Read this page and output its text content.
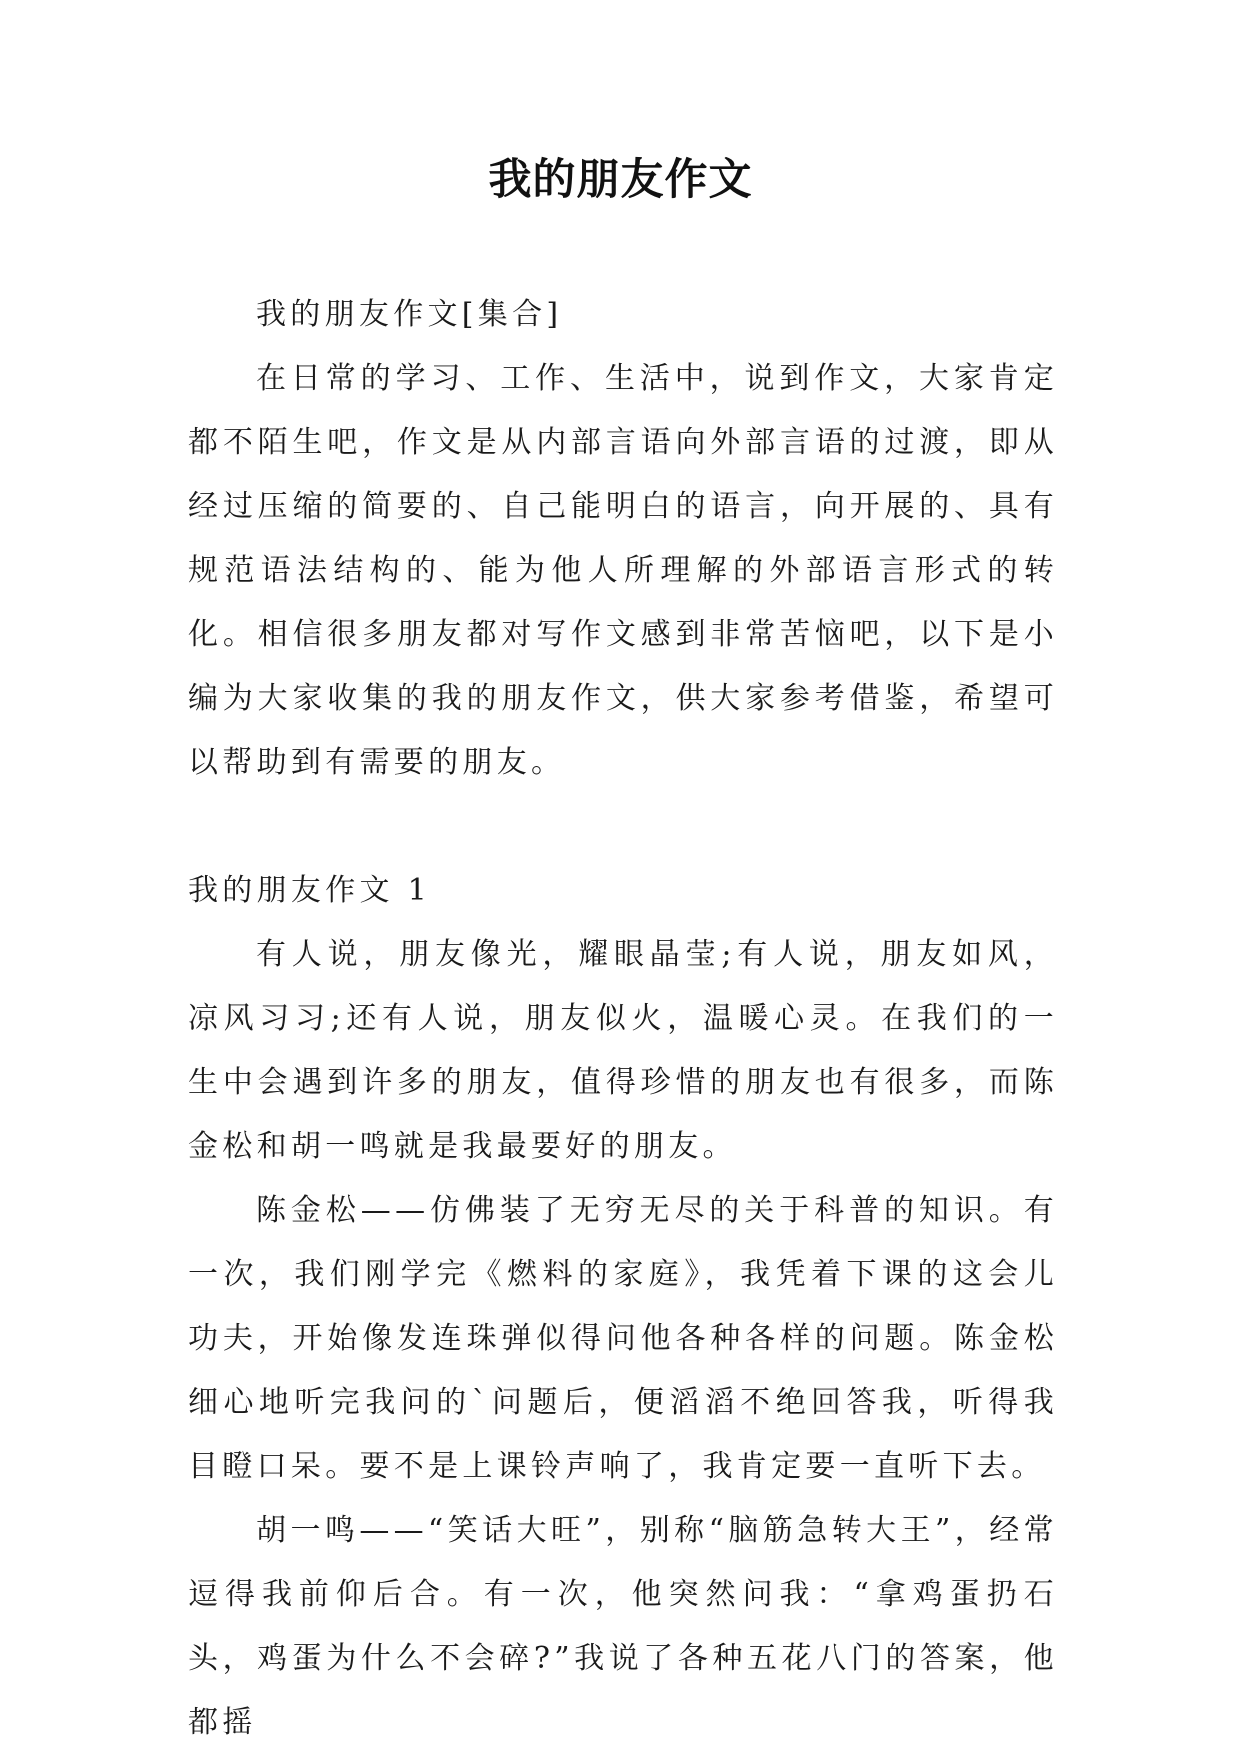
我的朋友作文

我的朋友作文[集合]

在日常的学习、工作、生活中，说到作文，大家肯定都不陌生吧，作文是从内部言语向外部言语的过渡，即从经过压缩的简要的、自己能明白的语言，向开展的、具有规范语法结构的、能为他人所理解的外部语言形式的转化。相信很多朋友都对写作文感到非常苦恼吧，以下是小编为大家收集的我的朋友作文，供大家参考借鉴，希望可以帮助到有需要的朋友。

我的朋友作文 1

有人说，朋友像光，耀眼晶莹;有人说，朋友如风，凉风习习;还有人说，朋友似火，温暖心灵。在我们的一生中会遇到许多的朋友，值得珍惜的朋友也有很多，而陈金松和胡一鸣就是我最要好的朋友。

陈金松——仿佛装了无穷无尽的关于科普的知识。有一次，我们刚学完《燃料的家庭》，我凭着下课的这会儿功夫，开始像发连珠弹似得问他各种各样的问题。陈金松细心地听完我问的`问题后，便滔滔不绝回答我，听得我目瞪口呆。要不是上课铃声响了，我肯定要一直听下去。

胡一鸣——“笑话大旺”，别称“脑筋急转大王”，经常逗得我前仰后合。有一次，他突然问我：“拿鸡蛋扔石头，鸡蛋为什么不会碎?”我说了各种五花八门的答案，他都摇
